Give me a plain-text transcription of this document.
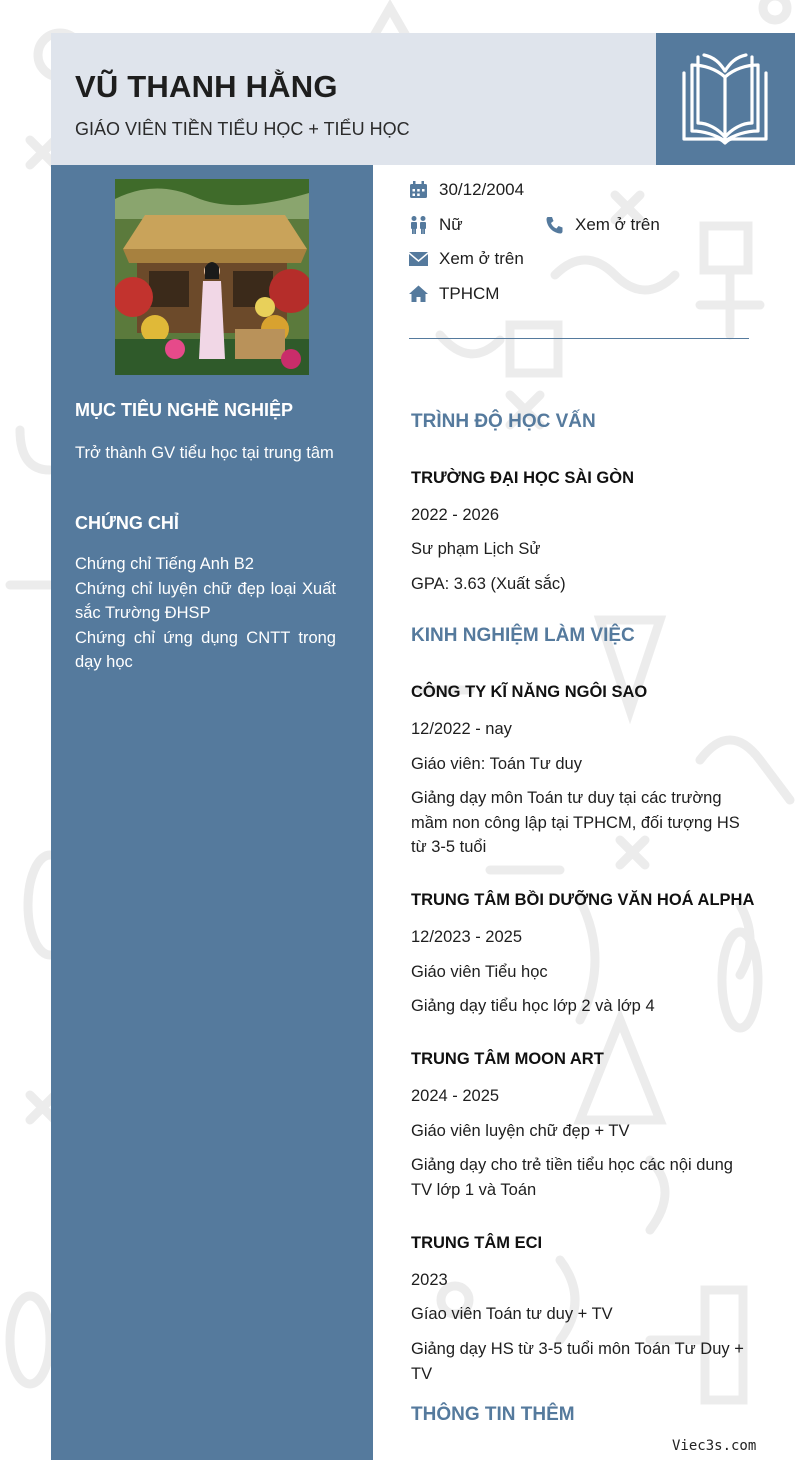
VŨ THANH HẰNG
GIÁO VIÊN TIỀN TIỂU HỌC + TIỂU HỌC
MỤC TIÊU NGHỀ NGHIỆP
Trở thành GV tiểu học tại trung tâm
CHỨNG CHỈ
Chứng chỉ Tiếng Anh B2
Chứng chỉ luyện chữ đẹp loại Xuất sắc Trường ĐHSP
Chứng chỉ ứng dụng CNTT trong dạy học
30/12/2004
Nữ	Xem ở trên
Xem ở trên
TPHCM
TRÌNH ĐỘ HỌC VẤN
TRƯỜNG ĐẠI HỌC SÀI GÒN
2022 - 2026
Sư phạm Lịch Sử
GPA: 3.63 (Xuất sắc)
KINH NGHIỆM LÀM VIỆC
CÔNG TY KĨ NĂNG NGÔI SAO
12/2022 - nay
Giáo viên: Toán Tư duy
Giảng dạy môn Toán tư duy tại các trường mầm non công lập tại TPHCM, đối tượng HS từ 3-5 tuổi
TRUNG TÂM BỒI DƯỠNG VĂN HOÁ ALPHA
12/2023 - 2025
Giáo viên Tiểu học
Giảng dạy tiểu học lớp 2 và lớp 4
TRUNG TÂM MOON ART
2024 - 2025
Giáo viên luyện chữ đẹp + TV
Giảng dạy cho trẻ tiền tiểu học các nội dung TV lớp 1 và Toán
TRUNG TÂM ECI
2023
Gíao viên Toán tư duy + TV
Giảng dạy HS từ 3-5 tuổi môn Toán Tư Duy + TV
THÔNG TIN THÊM
Viec3s.com
